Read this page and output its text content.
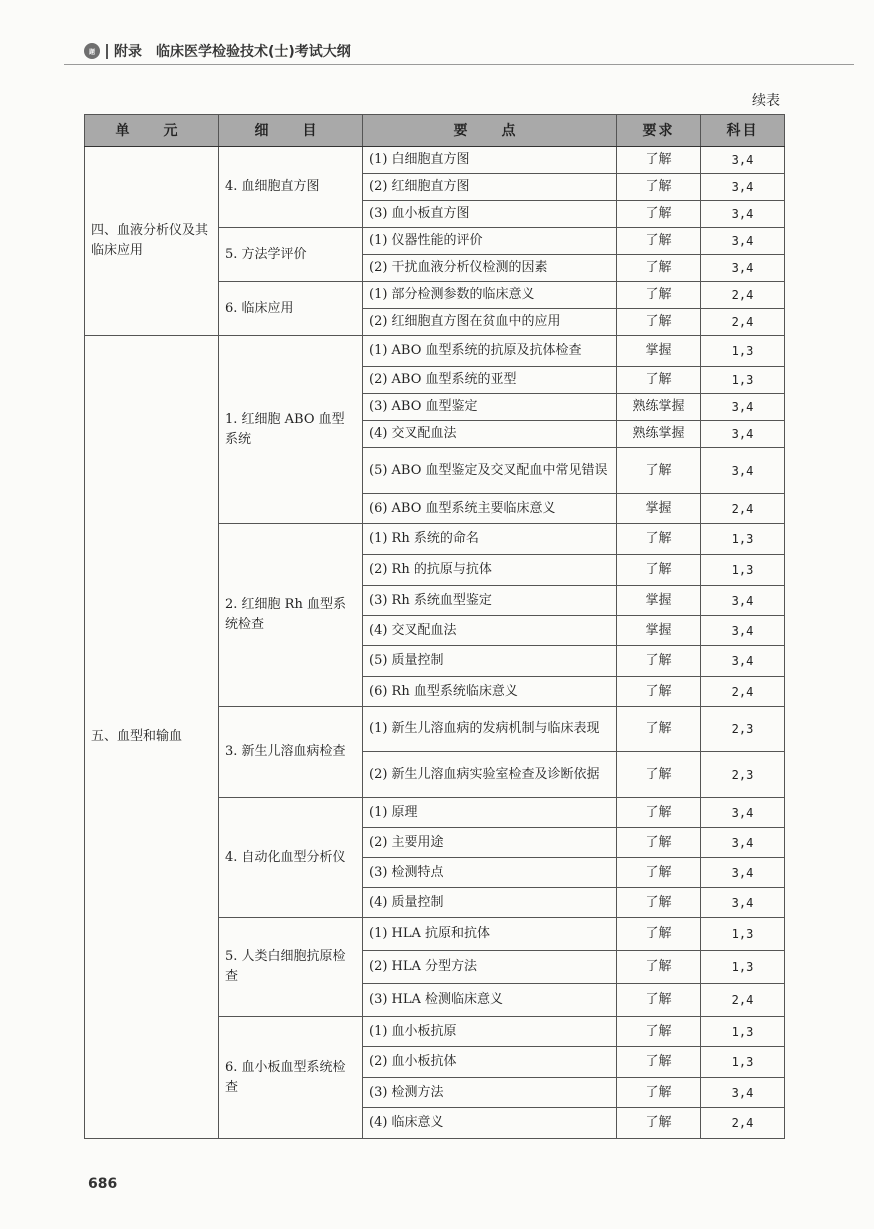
题	附录 临床医学检验技术(士)考试大纲
续表
单　元	细　目	要　点	要求	科目
四、血液分析仪及其临床应用	4. 血细胞直方图	(1) 白细胞直方图	了解	3,4
		(2) 红细胞直方图	了解	3,4
		(3) 血小板直方图	了解	3,4
	5. 方法学评价	(1) 仪器性能的评价	了解	3,4
		(2) 干扰血液分析仪检测的因素	了解	3,4
	6. 临床应用	(1) 部分检测参数的临床意义	了解	2,4
		(2) 红细胞直方图在贫血中的应用	了解	2,4
五、血型和输血	1. 红细胞 ABO 血型系统	(1) ABO 血型系统的抗原及抗体检查	掌握	1,3
		(2) ABO 血型系统的亚型	了解	1,3
		(3) ABO 血型鉴定	熟练掌握	3,4
		(4) 交叉配血法	熟练掌握	3,4
		(5) ABO 血型鉴定及交叉配血中常见错误	了解	3,4
		(6) ABO 血型系统主要临床意义	掌握	2,4
	2. 红细胞 Rh 血型系统检查	(1) Rh 系统的命名	了解	1,3
		(2) Rh 的抗原与抗体	了解	1,3
		(3) Rh 系统血型鉴定	掌握	3,4
		(4) 交叉配血法	掌握	3,4
		(5) 质量控制	了解	3,4
		(6) Rh 血型系统临床意义	了解	2,4
	3. 新生儿溶血病检查	(1) 新生儿溶血病的发病机制与临床表现	了解	2,3
		(2) 新生儿溶血病实验室检查及诊断依据	了解	2,3
	4. 自动化血型分析仪	(1) 原理	了解	3,4
		(2) 主要用途	了解	3,4
		(3) 检测特点	了解	3,4
		(4) 质量控制	了解	3,4
	5. 人类白细胞抗原检查	(1) HLA 抗原和抗体	了解	1,3
		(2) HLA 分型方法	了解	1,3
		(3) HLA 检测临床意义	了解	2,4
	6. 血小板血型系统检查	(1) 血小板抗原	了解	1,3
		(2) 血小板抗体	了解	1,3
		(3) 检测方法	了解	3,4
		(4) 临床意义	了解	2,4
686
